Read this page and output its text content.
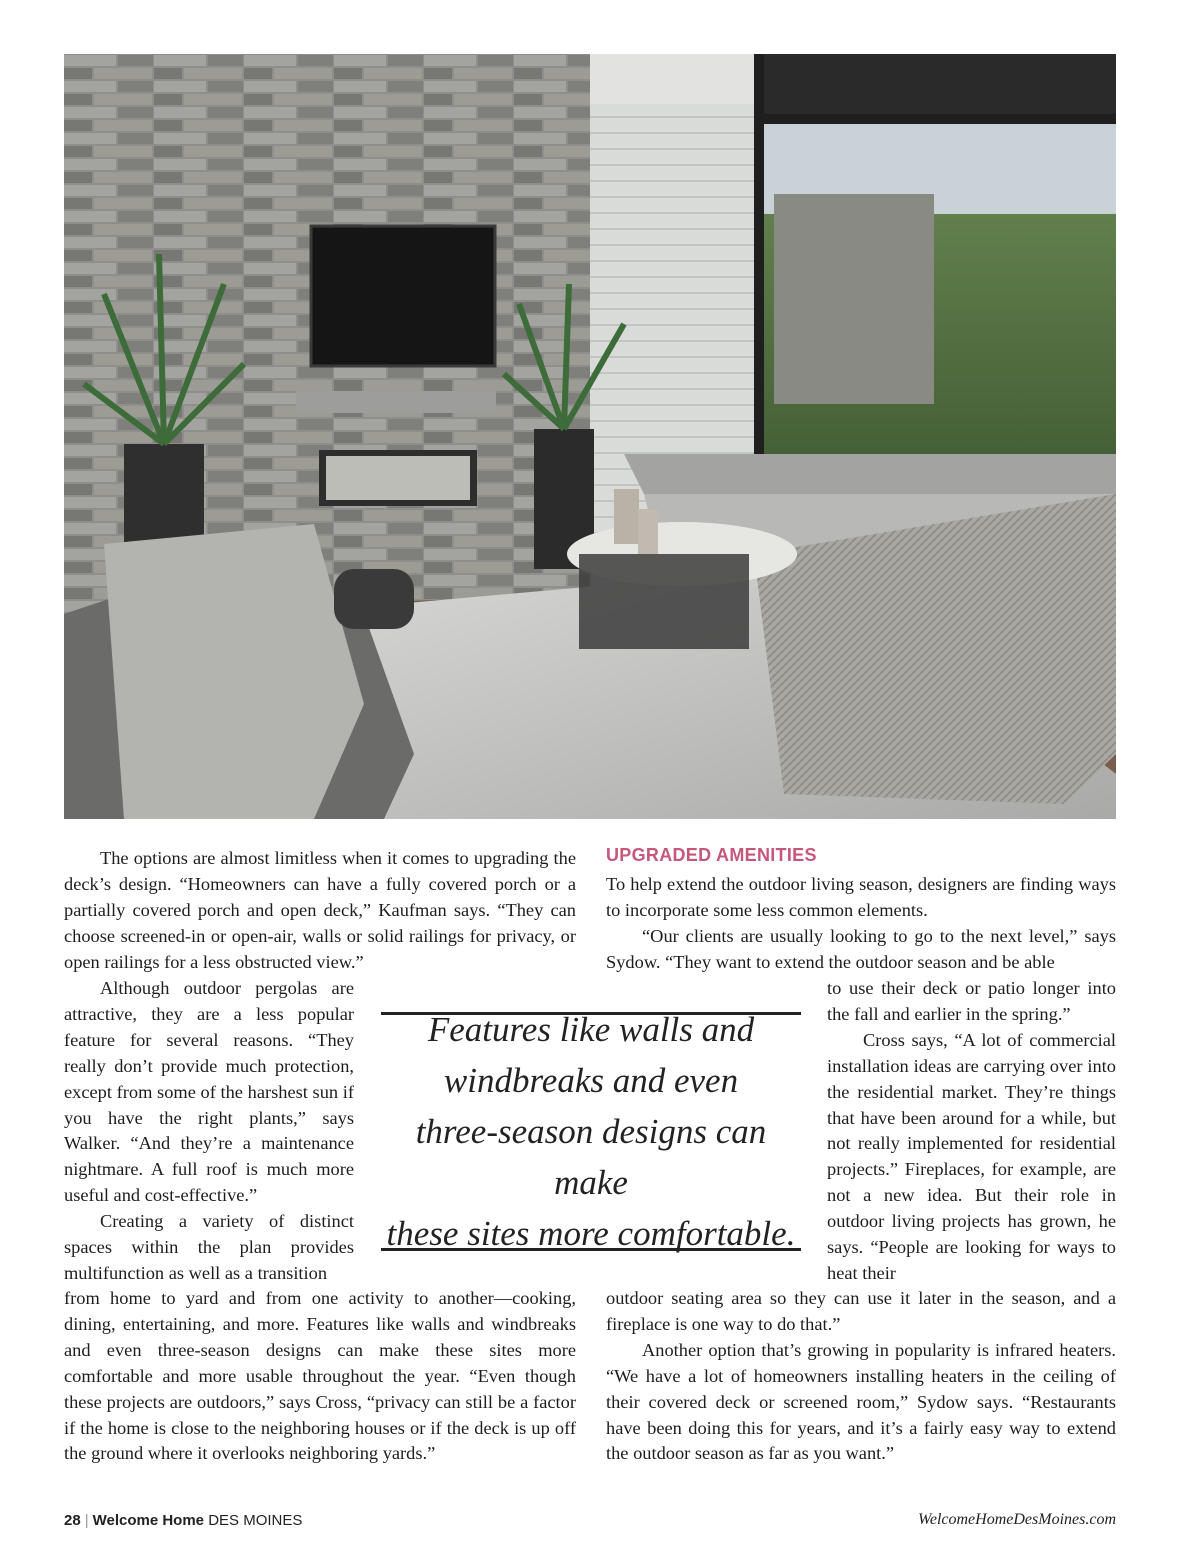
The options are almost limitless when it comes to upgrading the deck’s design. “Homeowners can have a fully covered porch or a partially covered porch and open deck,” Kaufman says. “They can choose screened-in or open-air, walls or solid railings for privacy, or open railings for a less obstructed view.”

Although outdoor pergolas are attractive, they are a less popular feature for several reasons. “They really don’t provide much protection, except from some of the harshest sun if you have the right plants,” says Walker. “And they’re a maintenance nightmare. A full roof is much more useful and cost-effective.”

Creating a variety of distinct spaces within the plan provides multifunction as well as a transition

from home to yard and from one activity to another—cooking, dining, entertaining, and more. Features like walls and windbreaks and even three-season designs can make these sites more comfortable and more usable throughout the year. “Even though these projects are outdoors,” says Cross, “privacy can still be a factor if the home is close to the neighboring houses or if the deck is up off the ground where it overlooks neighboring yards.”

UPGRADED AMENITIES

To help extend the outdoor living season, designers are finding ways to incorporate some less common elements.

“Our clients are usually looking to go to the next level,” says Sydow. “They want to extend the outdoor season and be able

to use their deck or patio longer into the fall and earlier in the spring.”

Cross says, “A lot of commercial installation ideas are carrying over into the residential market. They’re things that have been around for a while, but not really implemented for residential projects.” Fireplaces, for example, are not a new idea. But their role in outdoor living projects has grown, he says. “People are looking for ways to heat their

outdoor seating area so they can use it later in the season, and a fireplace is one way to do that.”

Another option that’s growing in popularity is infrared heaters. “We have a lot of homeowners installing heaters in the ceiling of their covered deck or screened room,” Sydow says. “Restaurants have been doing this for years, and it’s a fairly easy way to extend the outdoor season as far as you want.”

Features like walls and
windbreaks and even
three-season designs can make
these sites more comfortable.

28 | Welcome Home DES MOINES	WelcomeHomeDesMoines.com
